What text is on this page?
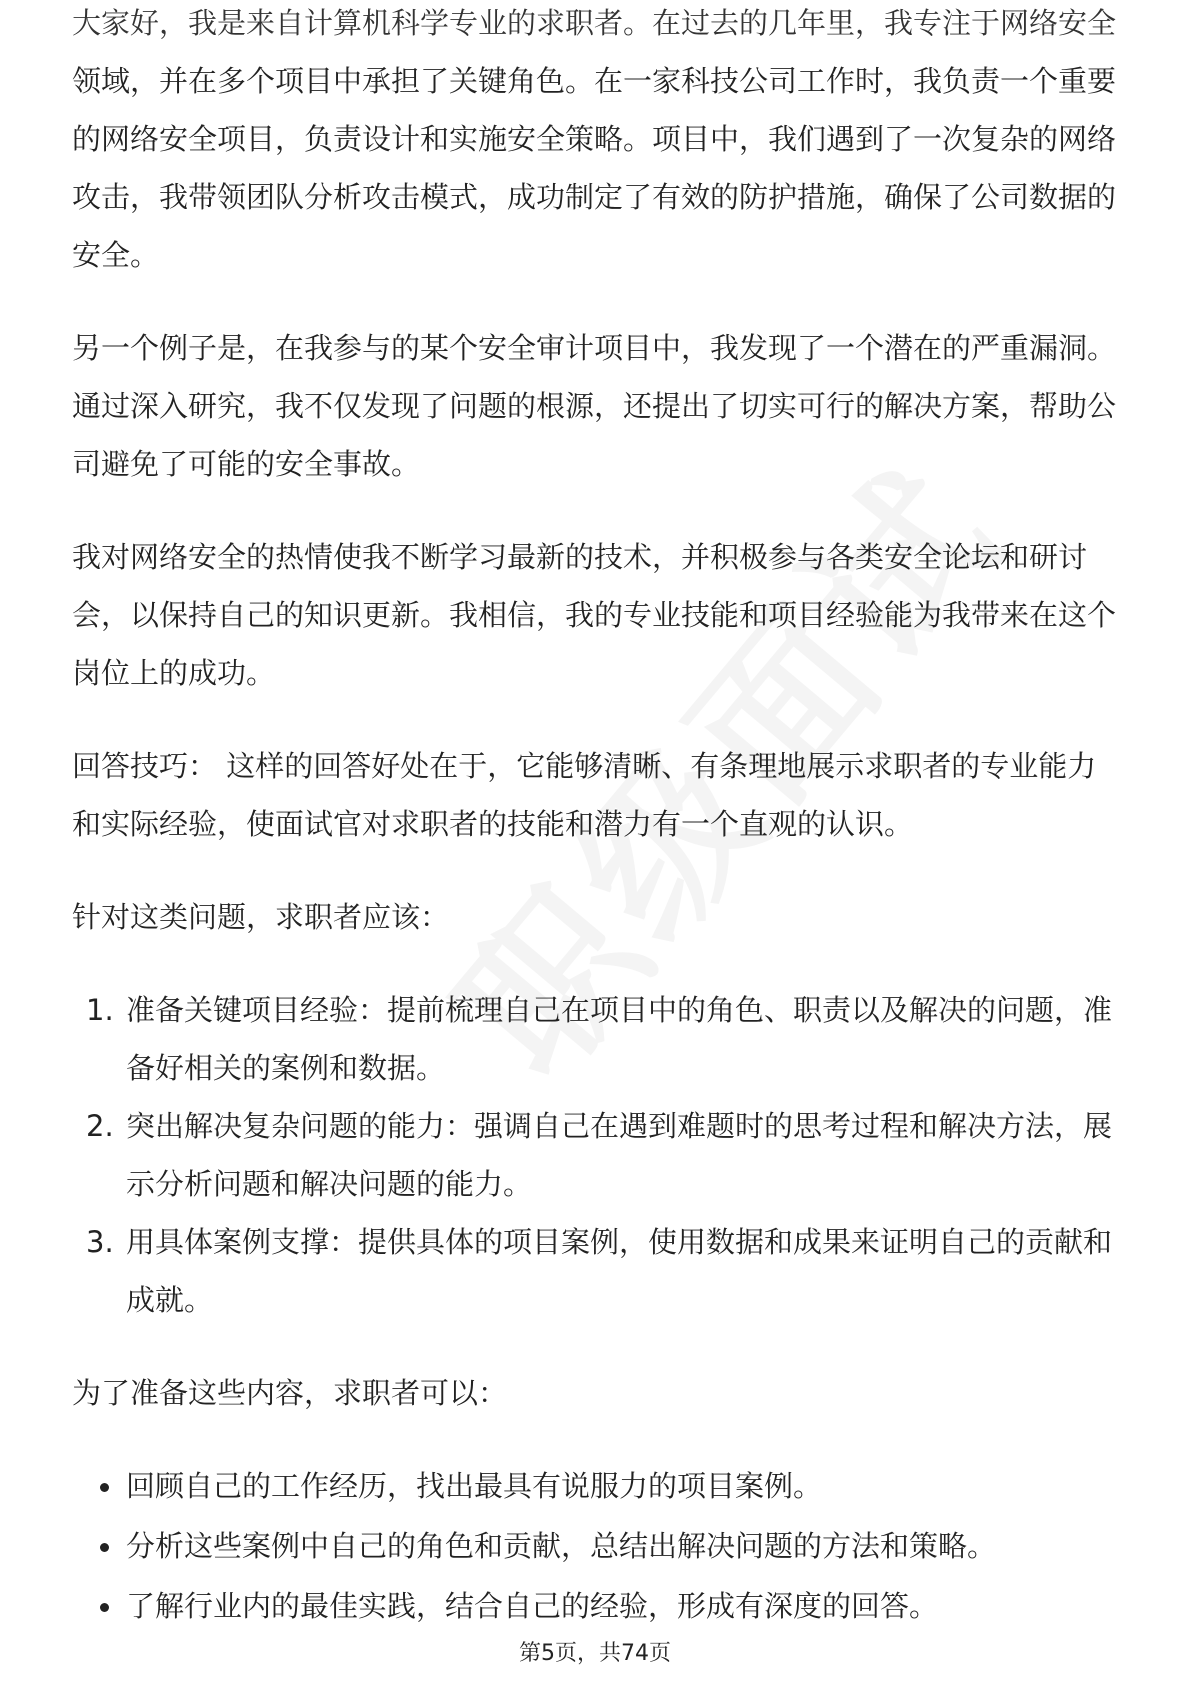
大家好，我是来自计算机科学专业的求职者。在过去的几年里，我专注于网络安全

领域，并在多个项目中承担了关键角色。在一家科技公司工作时，我负责一个重要的网络安全项目，负责设计和实施安全策略。项目中，我们遇到了一次复杂的网络攻击，我带领团队分析攻击模式，成功制定了有效的防护措施，确保了公司数据的安全。

另一个例子是，在我参与的某个安全审计项目中，我发现了一个潜在的严重漏洞。通过深入研究，我不仅发现了问题的根源，还提出了切实可行的解决方案，帮助公司避免了可能的安全事故。

我对网络安全的热情使我不断学习最新的技术，并积极参与各类安全论坛和研讨会，以保持自己的知识更新。我相信，我的专业技能和项目经验能为我带来在这个岗位上的成功。

回答技巧： 这样的回答好处在于，它能够清晰、有条理地展示求职者的专业能力和实际经验，使面试官对求职者的技能和潜力有一个直观的认识。

针对这类问题，求职者应该：

1. 准备关键项目经验：提前梳理自己在项目中的角色、职责以及解决的问题，准备好相关的案例和数据。
2. 突出解决复杂问题的能力：强调自己在遇到难题时的思考过程和解决方法，展示分析问题和解决问题的能力。
3. 用具体案例支撑：提供具体的项目案例，使用数据和成果来证明自己的贡献和成就。

为了准备这些内容，求职者可以：

回顾自己的工作经历，找出最具有说服力的项目案例。
分析这些案例中自己的角色和贡献，总结出解决问题的方法和策略。
了解行业内的最佳实践，结合自己的经验，形成有深度的回答。
第5页，共74页
